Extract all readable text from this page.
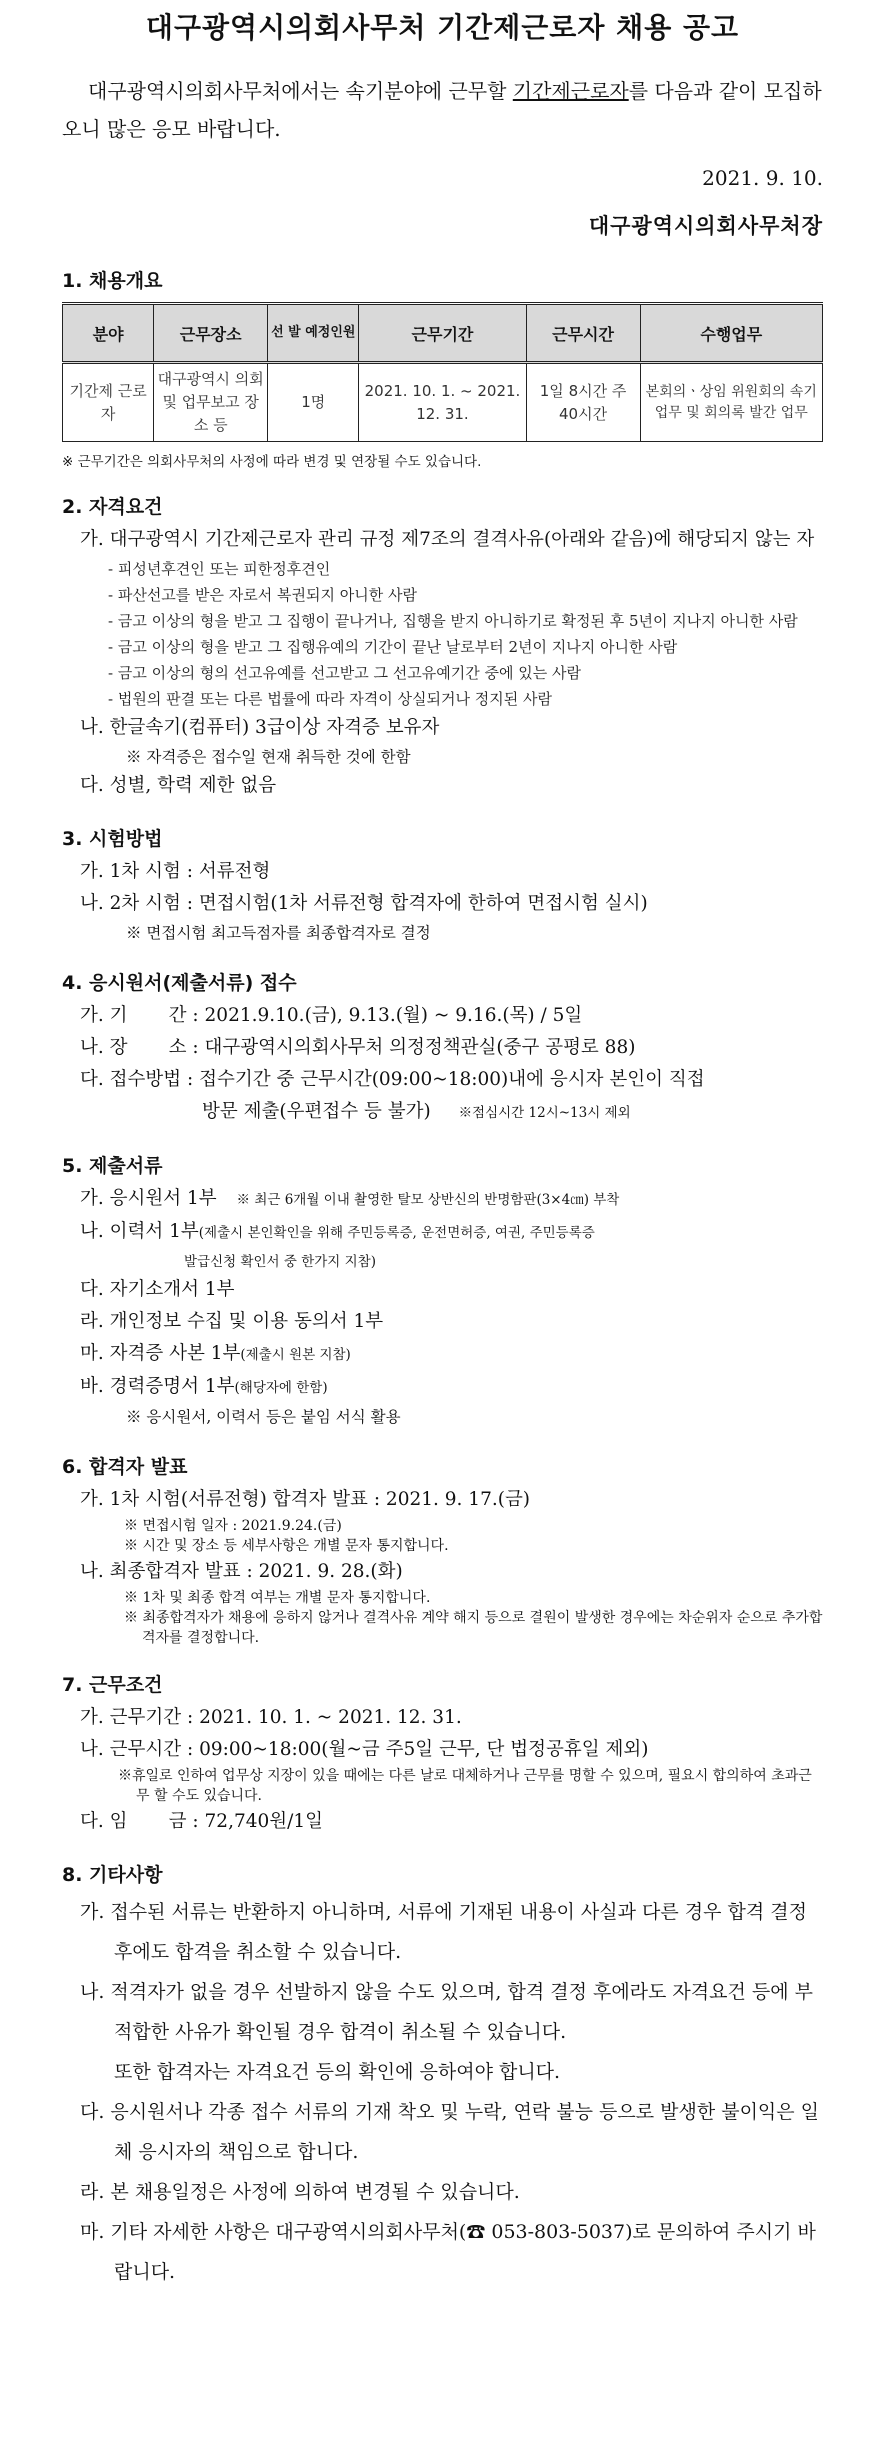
대구광역시의회사무처 기간제근로자 채용 공고
대구광역시의회사무처에서는 속기분야에 근무할 기간제근로자를 다음과 같이 모집하오니 많은 응모 바랍니다.
2021. 9. 10.
대구광역시의회사무처장
1. 채용개요
분야	근무장소	선 발 예정인원	근무기간	근무시간	수행업무
기간제 근로자	대구광역시 의회 및 업무보고 장소 등	1명	2021. 10. 1. ~ 2021. 12. 31.	1일 8시간 주 40시간	본회의ㆍ상임 위원회의 속기업무 및 회의록 발간 업무
※ 근무기간은 의회사무처의 사정에 따라 변경 및 연장될 수도 있습니다.
2. 자격요건
가. 대구광역시 기간제근로자 관리 규정 제7조의 결격사유(아래와 같음)에 해당되지 않는 자
- 피성년후견인 또는 피한정후견인
- 파산선고를 받은 자로서 복권되지 아니한 사람
- 금고 이상의 형을 받고 그 집행이 끝나거나, 집행을 받지 아니하기로 확정된 후 5년이 지나지 아니한 사람
- 금고 이상의 형을 받고 그 집행유예의 기간이 끝난 날로부터 2년이 지나지 아니한 사람
- 금고 이상의 형의 선고유예를 선고받고 그 선고유예기간 중에 있는 사람
- 법원의 판결 또는 다른 법률에 따라 자격이 상실되거나 정지된 사람
나. 한글속기(컴퓨터) 3급이상 자격증 보유자
※ 자격증은 접수일 현재 취득한 것에 한함
다. 성별, 학력 제한 없음
3. 시험방법
가. 1차 시험 : 서류전형
나. 2차 시험 : 면접시험(1차 서류전형 합격자에 한하여 면접시험 실시)
※ 면접시험 최고득점자를 최종합격자로 결정
4. 응시원서(제출서류) 접수
가. 기       간 : 2021.9.10.(금), 9.13.(월) ~ 9.16.(목) / 5일
나. 장       소 : 대구광역시의회사무처 의정정책관실(중구 공평로 88)
다. 접수방법 : 접수기간 중 근무시간(09:00~18:00)내에 응시자 본인이 직접
방문 제출(우편접수 등 불가) ※점심시간 12시~13시 제외
5. 제출서류
가. 응시원서 1부 ※ 최근 6개월 이내 촬영한 탈모 상반신의 반명함판(3×4㎝) 부착
나. 이력서 1부(제출시 본인확인을 위해 주민등록증, 운전면허증, 여권, 주민등록증
발급신청 확인서 중 한가지 지참)
다. 자기소개서 1부
라. 개인정보 수집 및 이용 동의서 1부
마. 자격증 사본 1부(제출시 원본 지참)
바. 경력증명서 1부(해당자에 한함)
※ 응시원서, 이력서 등은 붙임 서식 활용
6. 합격자 발표
가. 1차 시험(서류전형) 합격자 발표 : 2021. 9. 17.(금)
※ 면접시험 일자 : 2021.9.24.(금)
※ 시간 및 장소 등 세부사항은 개별 문자 통지합니다.
나. 최종합격자 발표 : 2021. 9. 28.(화)
※ 1차 및 최종 합격 여부는 개별 문자 통지합니다.
※ 최종합격자가 채용에 응하지 않거나 결격사유 계약 해지 등으로 결원이 발생한 경우에는 차순위자 순으로 추가합격자를 결정합니다.
7. 근무조건
가. 근무기간 : 2021. 10. 1. ~ 2021. 12. 31.
나. 근무시간 : 09:00~18:00(월~금 주5일 근무, 단 법정공휴일 제외)
※휴일로 인하여 업무상 지장이 있을 때에는 다른 날로 대체하거나 근무를 명할 수 있으며, 필요시 합의하여 초과근무 할 수도 있습니다.
다. 임       금 : 72,740원/1일
8. 기타사항
가. 접수된 서류는 반환하지 아니하며, 서류에 기재된 내용이 사실과 다른 경우 합격 결정 후에도 합격을 취소할 수 있습니다.
나. 적격자가 없을 경우 선발하지 않을 수도 있으며, 합격 결정 후에라도 자격요건 등에 부적합한 사유가 확인될 경우 합격이 취소될 수 있습니다.
또한 합격자는 자격요건 등의 확인에 응하여야 합니다.
다. 응시원서나 각종 접수 서류의 기재 착오 및 누락, 연락 불능 등으로 발생한 불이익은 일체 응시자의 책임으로 합니다.
라. 본 채용일정은 사정에 의하여 변경될 수 있습니다.
마. 기타 자세한 사항은 대구광역시의회사무처(☎ 053-803-5037)로 문의하여 주시기 바랍니다.
